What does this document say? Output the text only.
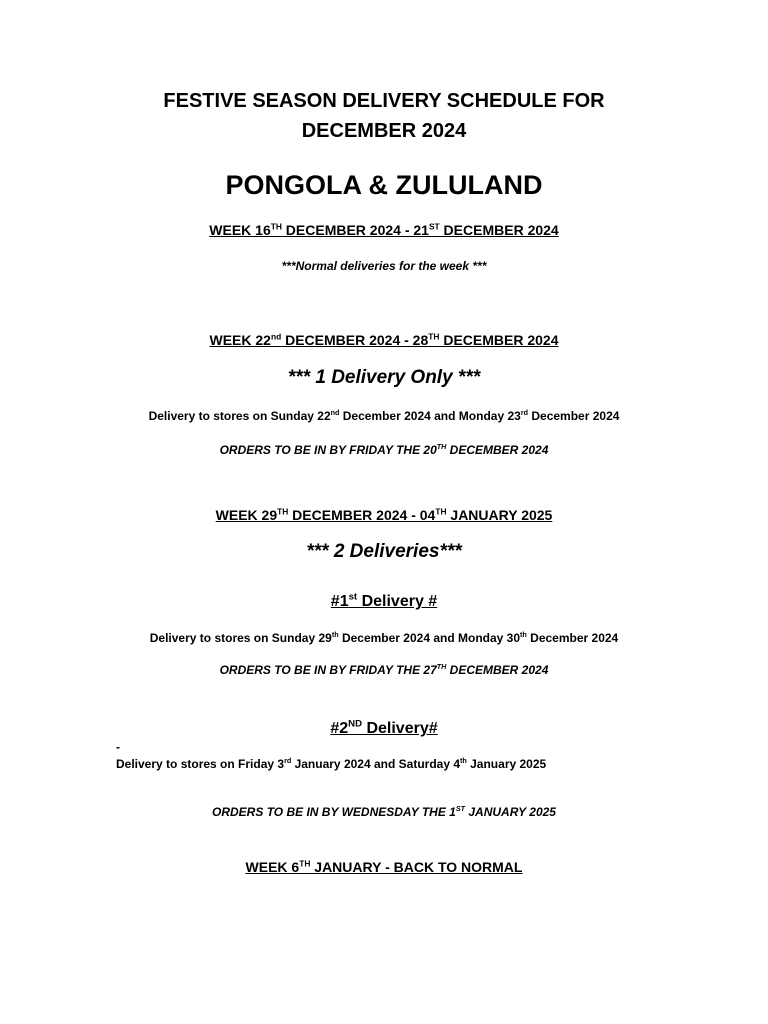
FESTIVE SEASON DELIVERY SCHEDULE FOR
DECEMBER 2024
PONGOLA & ZULULAND
WEEK 16TH DECEMBER 2024 - 21ST DECEMBER 2024
***Normal deliveries for the week ***
WEEK 22nd DECEMBER 2024 - 28TH DECEMBER 2024
*** 1 Delivery Only ***
Delivery to stores on Sunday 22nd December 2024 and Monday 23rd December 2024
ORDERS TO BE IN BY FRIDAY THE 20TH DECEMBER 2024
WEEK 29TH DECEMBER 2024 - 04TH JANUARY 2025
*** 2 Deliveries***
#1st Delivery #
Delivery to stores on Sunday 29th December 2024 and Monday 30th December 2024
ORDERS TO BE IN BY FRIDAY THE 27TH DECEMBER 2024
#2ND Delivery#
-
Delivery to stores on Friday 3rd January 2024 and Saturday 4th January 2025
ORDERS TO BE IN BY WEDNESDAY THE 1ST JANUARY 2025
WEEK 6TH JANUARY - BACK TO NORMAL
